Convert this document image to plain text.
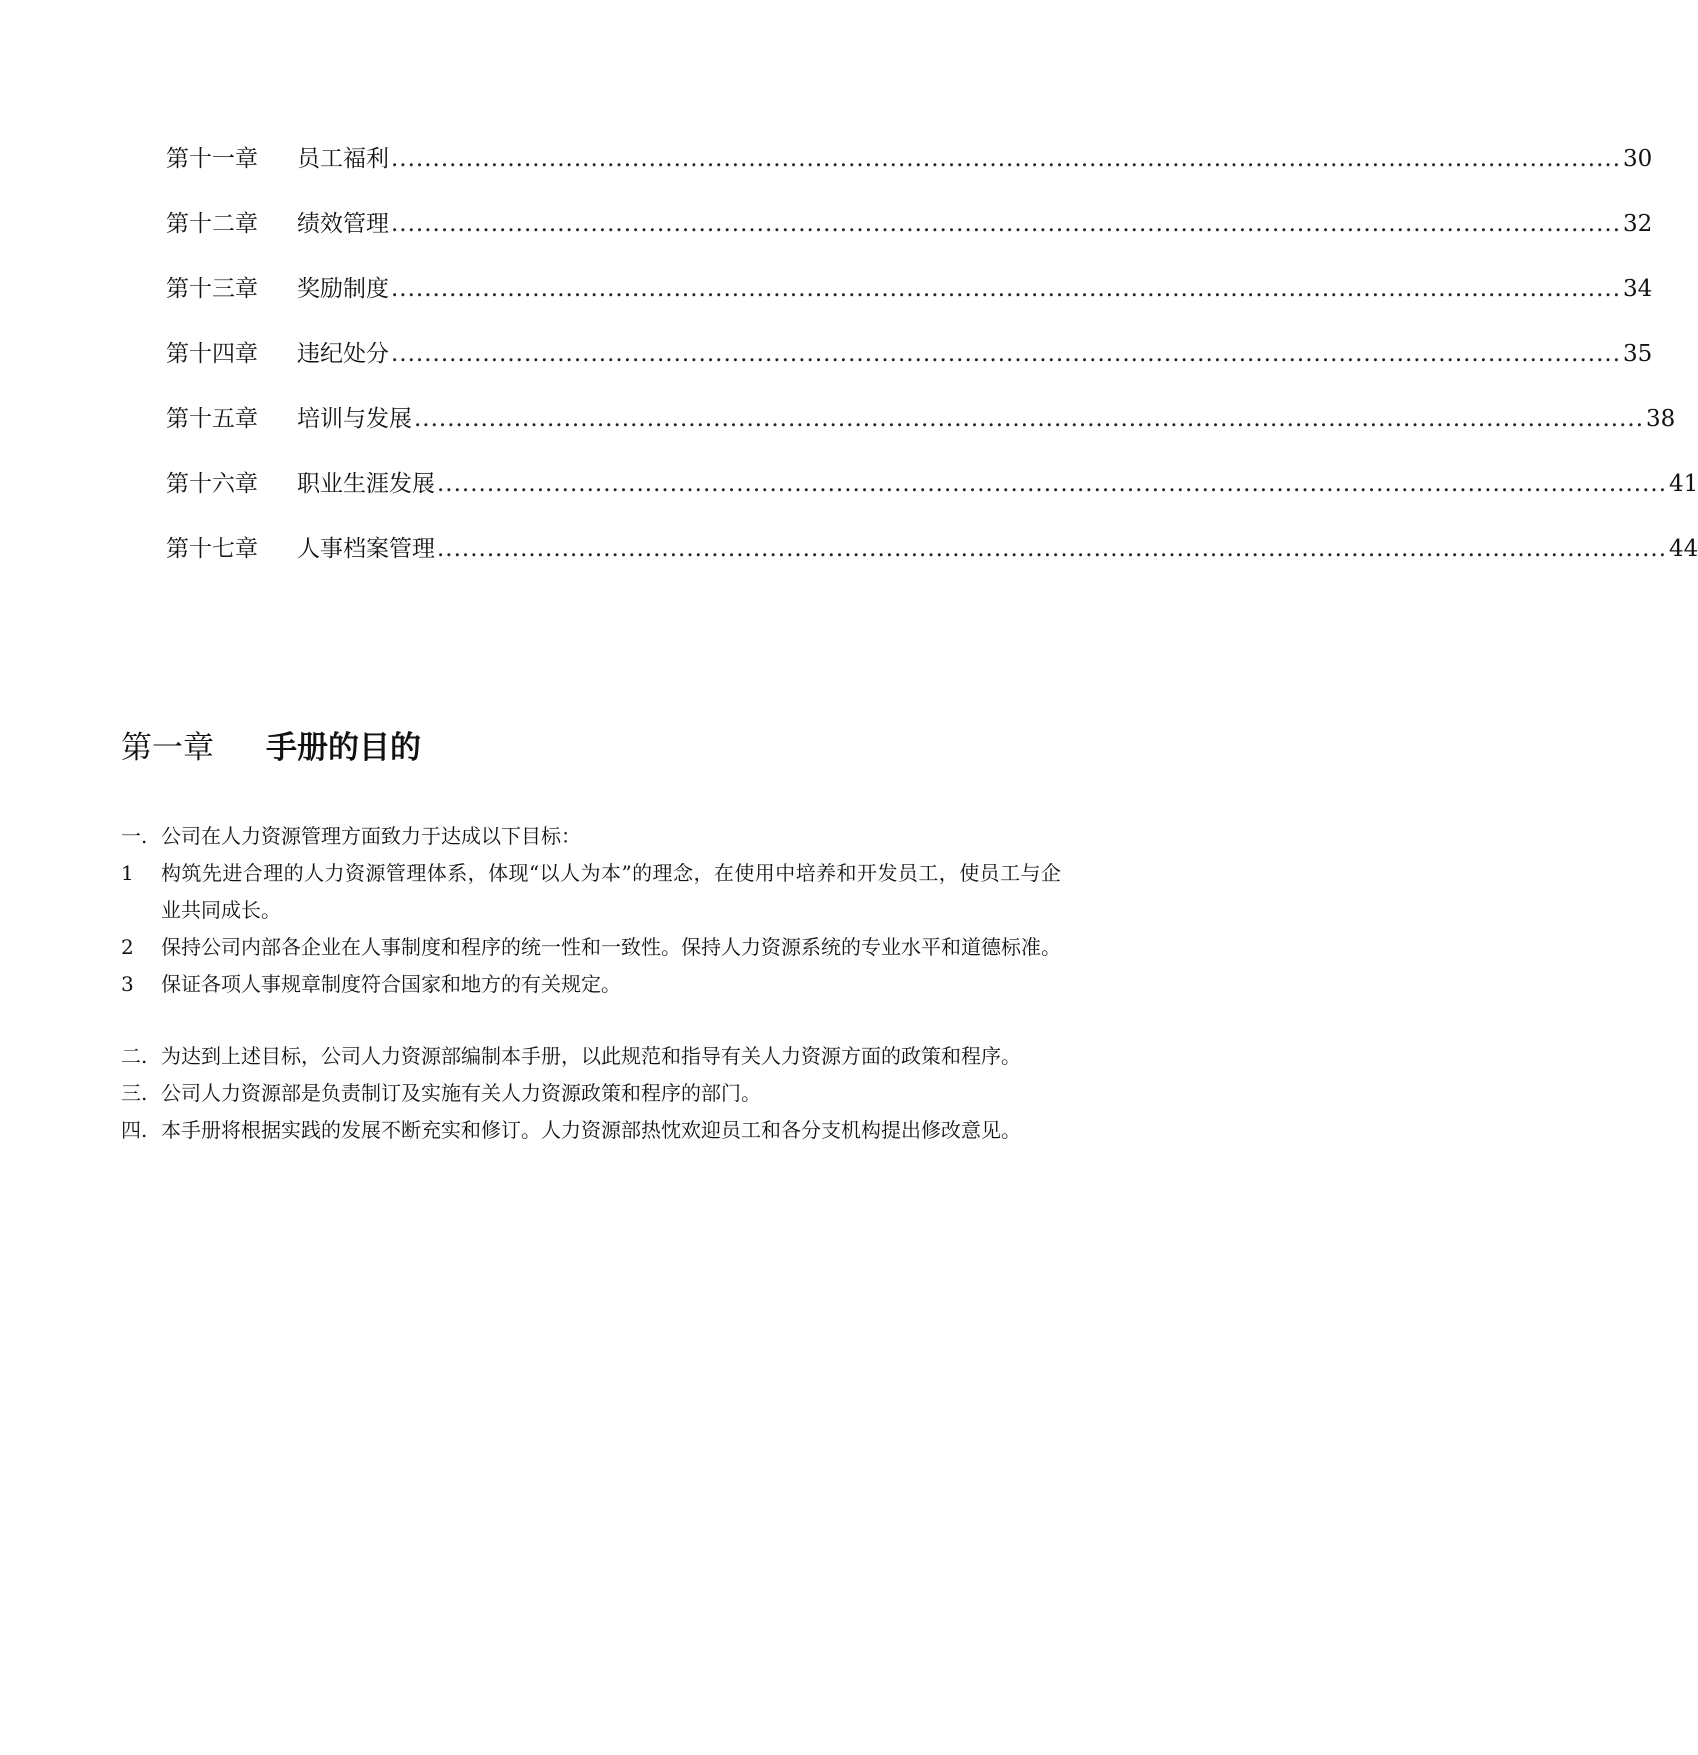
第十一章	员工福利 .................................................................................................................................................... 30
第十二章	绩效管理 .................................................................................................................................................... 32
第十三章	奖励制度 .................................................................................................................................................... 34
第十四章	违纪处分 .................................................................................................................................................... 35
第十五章	培训与发展 .................................................................................................................................................... 38
第十六章	职业生涯发展 .................................................................................................................................................... 41
第十七章	人事档案管理 .................................................................................................................................................... 44
第一章 手册的目的
一. 公司在人力资源管理方面致力于达成以下目标：
1	构筑先进合理的人力资源管理体系，体现“以人为本”的理念，在使用中培养和开发员工，使员工与企业共同成长。
2	保持公司内部各企业在人事制度和程序的统一性和一致性。保持人力资源系统的专业水平和道德标准。
3	保证各项人事规章制度符合国家和地方的有关规定。
二. 为达到上述目标，公司人力资源部编制本手册，以此规范和指导有关人力资源方面的政策和程序。
三. 公司人力资源部是负责制订及实施有关人力资源政策和程序的部门。
四. 本手册将根据实践的发展不断充实和修订。人力资源部热忱欢迎员工和各分支机构提出修改意见。
